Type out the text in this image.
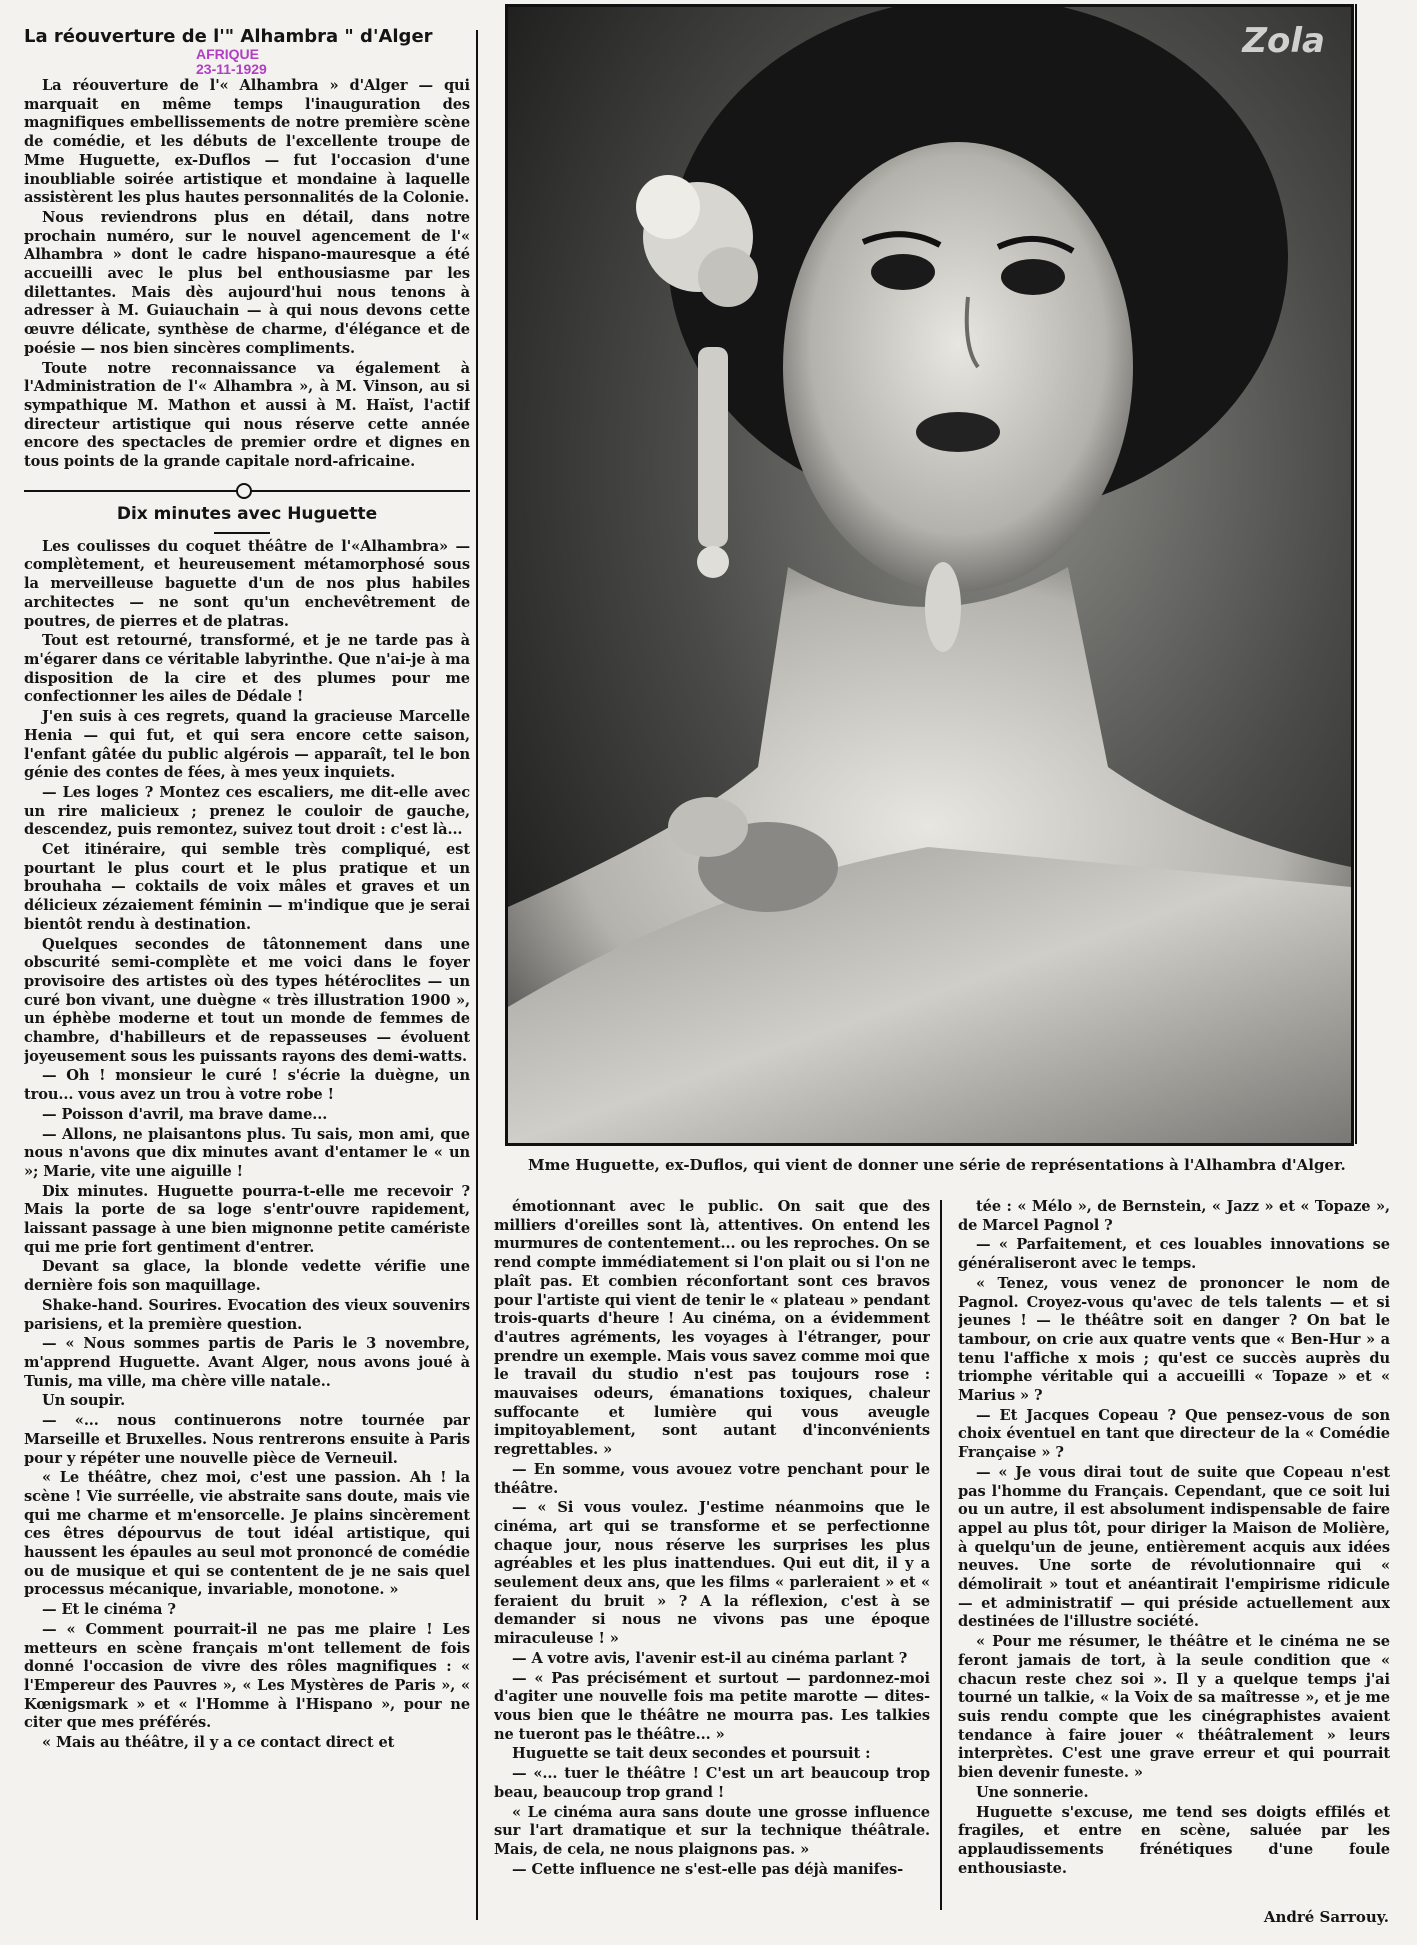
AFRIQUE
23-11-1929
La réouverture de l'" Alhambra " d'Alger

La réouverture de l'« Alhambra » d'Alger — qui marquait en même temps l'inauguration des magnifiques embellissements de notre première scène de comédie, et les débuts de l'excellente troupe de Mme Huguette, ex-Duflos — fut l'occasion d'une inoubliable soirée artistique et mondaine à laquelle assistèrent les plus hautes personnalités de la Colonie.

Nous reviendrons plus en détail, dans notre prochain numéro, sur le nouvel agencement de l'« Alhambra » dont le cadre hispano-mauresque a été accueilli avec le plus bel enthousiasme par les dilettantes. Mais dès aujourd'hui nous tenons à adresser à M. Guiauchain — à qui nous devons cette œuvre délicate, synthèse de charme, d'élégance et de poésie — nos bien sincères compliments.

Toute notre reconnaissance va également à l'Administration de l'« Alhambra », à M. Vinson, au si sympathique M. Mathon et aussi à M. Haïst, l'actif directeur artistique qui nous réserve cette année encore des spectacles de premier ordre et dignes en tous points de la grande capitale nord-africaine.

Dix minutes avec Huguette

Les coulisses du coquet théâtre de l'«Alhambra» — complètement, et heureusement métamorphosé sous la merveilleuse baguette d'un de nos plus habiles architectes — ne sont qu'un enchevêtrement de poutres, de pierres et de platras.

Tout est retourné, transformé, et je ne tarde pas à m'égarer dans ce véritable labyrinthe. Que n'ai-je à ma disposition de la cire et des plumes pour me confectionner les ailes de Dédale !

J'en suis à ces regrets, quand la gracieuse Marcelle Henia — qui fut, et qui sera encore cette saison, l'enfant gâtée du public algérois — apparaît, tel le bon génie des contes de fées, à mes yeux inquiets.

— Les loges ? Montez ces escaliers, me dit-elle avec un rire malicieux ; prenez le couloir de gauche, descendez, puis remontez, suivez tout droit : c'est là...

Cet itinéraire, qui semble très compliqué, est pourtant le plus court et le plus pratique et un brouhaha — coktails de voix mâles et graves et un délicieux zézaiement féminin — m'indique que je serai bientôt rendu à destination.

Quelques secondes de tâtonnement dans une obscurité semi-complète et me voici dans le foyer provisoire des artistes où des types hétéroclites — un curé bon vivant, une duègne « très illustration 1900 », un éphèbe moderne et tout un monde de femmes de chambre, d'habilleurs et de repasseuses — évoluent joyeusement sous les puissants rayons des demi-watts.

— Oh ! monsieur le curé ! s'écrie la duègne, un trou... vous avez un trou à votre robe !

— Poisson d'avril, ma brave dame...

— Allons, ne plaisantons plus. Tu sais, mon ami, que nous n'avons que dix minutes avant d'entamer le « un »; Marie, vite une aiguille !

Dix minutes. Huguette pourra-t-elle me recevoir ? Mais la porte de sa loge s'entr'ouvre rapidement, laissant passage à une bien mignonne petite camériste qui me prie fort gentiment d'entrer.

Devant sa glace, la blonde vedette vérifie une dernière fois son maquillage.

Shake-hand. Sourires. Evocation des vieux souvenirs parisiens, et la première question.

— « Nous sommes partis de Paris le 3 novembre, m'apprend Huguette. Avant Alger, nous avons joué à Tunis, ma ville, ma chère ville natale..

Un soupir.

— «... nous continuerons notre tournée par Marseille et Bruxelles. Nous rentrerons ensuite à Paris pour y répéter une nouvelle pièce de Verneuil.

« Le théâtre, chez moi, c'est une passion. Ah ! la scène ! Vie surréelle, vie abstraite sans doute, mais vie qui me charme et m'ensorcelle. Je plains sincèrement ces êtres dépourvus de tout idéal artistique, qui haussent les épaules au seul mot prononcé de comédie ou de musique et qui se contentent de je ne sais quel processus mécanique, invariable, monotone. »

— Et le cinéma ?

— « Comment pourrait-il ne pas me plaire ! Les metteurs en scène français m'ont tellement de fois donné l'occasion de vivre des rôles magnifiques : « l'Empereur des Pauvres », « Les Mystères de Paris », « Kœnigsmark » et « l'Homme à l'Hispano », pour ne citer que mes préférés.

« Mais au théâtre, il y a ce contact direct et

Zola
Mme Huguette, ex-Duflos, qui vient de donner une série de représentations à l'Alhambra d'Alger.

émotionnant avec le public. On sait que des milliers d'oreilles sont là, attentives. On entend les murmures de contentement... ou les reproches. On se rend compte immédiatement si l'on plait ou si l'on ne plaît pas. Et combien réconfortant sont ces bravos pour l'artiste qui vient de tenir le « plateau » pendant trois-quarts d'heure ! Au cinéma, on a évidemment d'autres agréments, les voyages à l'étranger, pour prendre un exemple. Mais vous savez comme moi que le travail du studio n'est pas toujours rose : mauvaises odeurs, émanations toxiques, chaleur suffocante et lumière qui vous aveugle impitoyablement, sont autant d'inconvénients regrettables. »

— En somme, vous avouez votre penchant pour le théâtre.

— « Si vous voulez. J'estime néanmoins que le cinéma, art qui se transforme et se perfectionne chaque jour, nous réserve les surprises les plus agréables et les plus inattendues. Qui eut dit, il y a seulement deux ans, que les films « parleraient » et « feraient du bruit » ? A la réflexion, c'est à se demander si nous ne vivons pas une époque miraculeuse ! »

— A votre avis, l'avenir est-il au cinéma parlant ?

— « Pas précisément et surtout — pardonnez-moi d'agiter une nouvelle fois ma petite marotte — dites-vous bien que le théâtre ne mourra pas. Les talkies ne tueront pas le théâtre... »

Huguette se tait deux secondes et poursuit :

— «... tuer le théâtre ! C'est un art beaucoup trop beau, beaucoup trop grand !

« Le cinéma aura sans doute une grosse influence sur l'art dramatique et sur la technique théâtrale. Mais, de cela, ne nous plaignons pas. »

— Cette influence ne s'est-elle pas déjà manifes-

tée : « Mélo », de Bernstein, « Jazz » et « Topaze », de Marcel Pagnol ?

— « Parfaitement, et ces louables innovations se généraliseront avec le temps.

« Tenez, vous venez de prononcer le nom de Pagnol. Croyez-vous qu'avec de tels talents — et si jeunes ! — le théâtre soit en danger ? On bat le tambour, on crie aux quatre vents que « Ben-Hur » a tenu l'affiche x mois ; qu'est ce succès auprès du triomphe véritable qui a accueilli « Topaze » et « Marius » ?

— Et Jacques Copeau ? Que pensez-vous de son choix éventuel en tant que directeur de la « Comédie Française » ?

— « Je vous dirai tout de suite que Copeau n'est pas l'homme du Français. Cependant, que ce soit lui ou un autre, il est absolument indispensable de faire appel au plus tôt, pour diriger la Maison de Molière, à quelqu'un de jeune, entièrement acquis aux idées neuves. Une sorte de révolutionnaire qui « démolirait » tout et anéantirait l'empirisme ridicule — et administratif — qui préside actuellement aux destinées de l'illustre société.

« Pour me résumer, le théâtre et le cinéma ne se feront jamais de tort, à la seule condition que « chacun reste chez soi ». Il y a quelque temps j'ai tourné un talkie, « la Voix de sa maîtresse », et je me suis rendu compte que les cinégraphistes avaient tendance à faire jouer « théâtralement » leurs interprètes. C'est une grave erreur et qui pourrait bien devenir funeste. »

Une sonnerie.

Huguette s'excuse, me tend ses doigts effilés et fragiles, et entre en scène, saluée par les applaudissements frénétiques d'une foule enthousiaste.

André Sarrouy.
